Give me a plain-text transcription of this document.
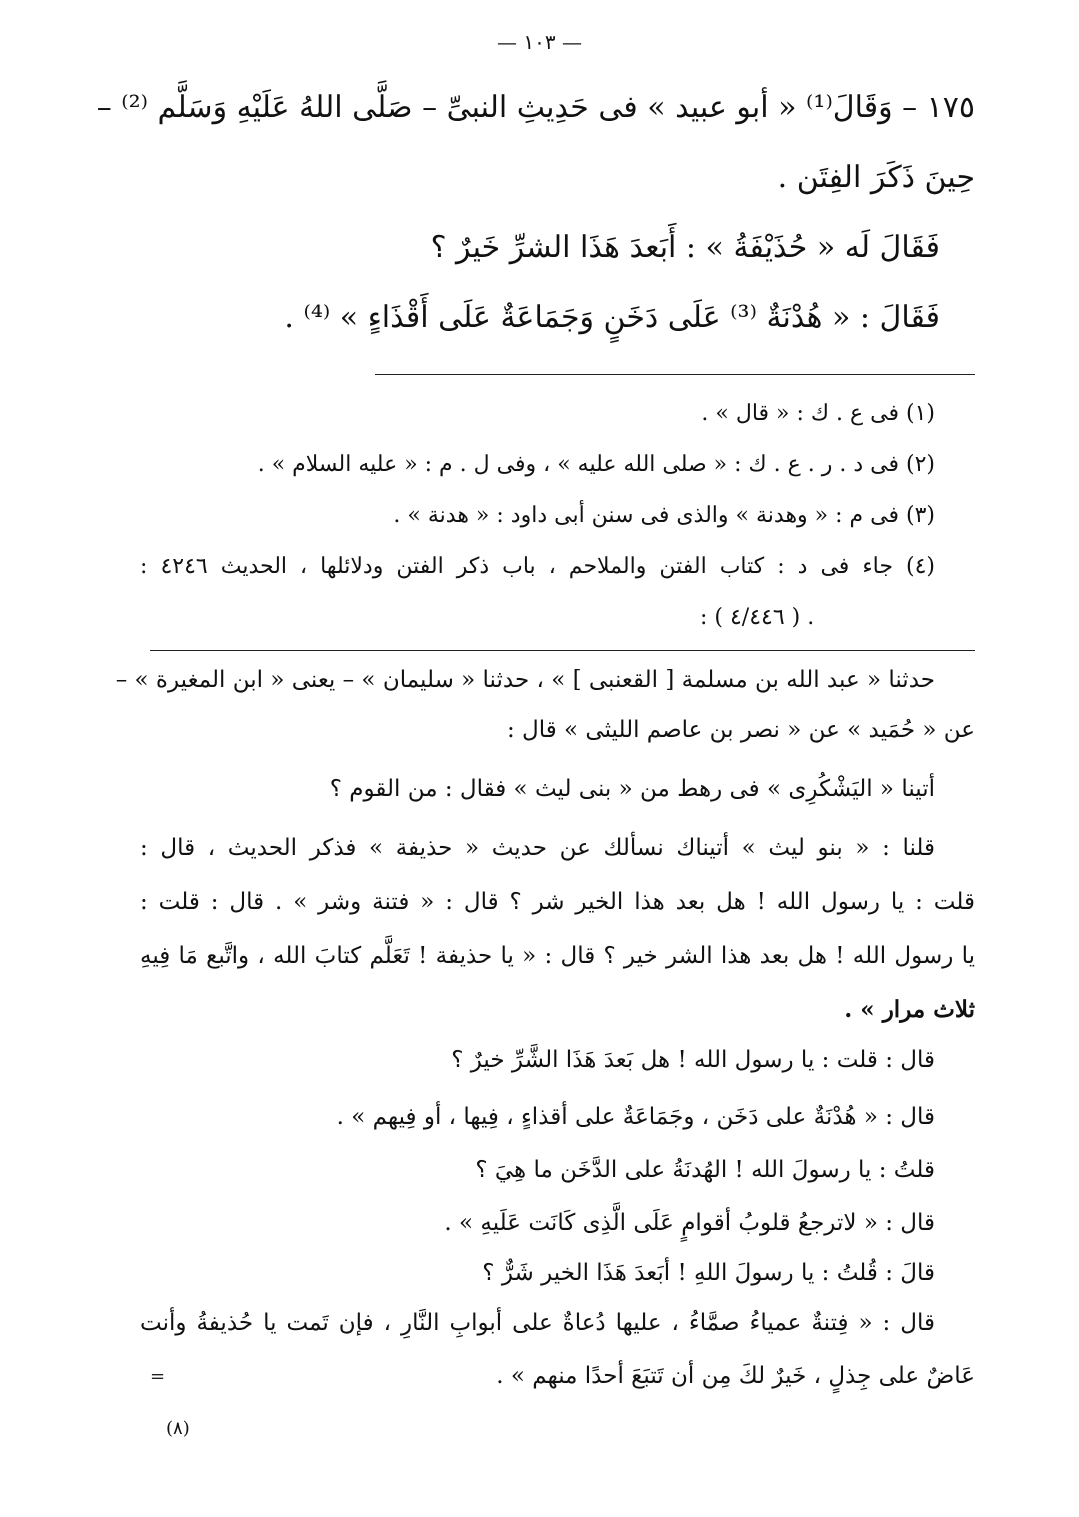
— ١٠٣ —
١٧٥ – وَقَالَ⁽¹⁾ « أبو عبيد » فى حَدِيثِ النبىِّ – صَلَّى اللهُ عَلَيْهِ وَسَلَّم ⁽²⁾ –
حِينَ ذَكَرَ الفِتَن .
فَقَالَ لَه « حُذَيْفَةُ » : أَبَعدَ هَذَا الشرِّ خَيرٌ ؟
فَقَالَ : « هُدْنَةٌ ⁽³⁾ عَلَى دَخَنٍ وَجَمَاعَةٌ عَلَى أَقْذَاءٍ » ⁽⁴⁾ .
(١) فى ع . ك : « قال » .
(٢) فى د . ر . ع . ك : « صلى الله عليه » ، وفى ل . م : « عليه السلام » .
(٣) فى م : « وهدنة » والذى فى سنن أبى داود : « هدنة » .
(٤) جاء فى د : كتاب الفتن والملاحم ، باب ذكر الفتن ودلائلها ، الحديث ٤٢٤٦ :
: ( ٤/٤٤٦ ) .
حدثنا « عبد الله بن مسلمة [ القعنبى ] » ، حدثنا « سليمان » – يعنى « ابن المغيرة » –
عن « حُمَيد » عن « نصر بن عاصم الليثى » قال :
أتينا « اليَشْكُرِى » فى رهط من « بنى ليث » فقال : من القوم ؟
قلنا : « بنو ليث » أتيناك نسألك عن حديث « حذيفة » فذكر الحديث ، قال :
قلت : يا رسول الله ! هل بعد هذا الخير شر ؟ قال : « فتنة وشر » . قال : قلت :
يا رسول الله ! هل بعد هذا الشر خير ؟ قال : « يا حذيفة ! تَعَلَّم كتابَ الله ، واتَّبع مَا فِيهِ
ثلاث مرار » .
قال : قلت : يا رسول الله ! هل بَعدَ هَذَا الشَّرِّ خيرٌ ؟
قال : « هُدْنَةٌ على دَخَن ، وجَمَاعَةٌ على أقذاءٍ ، فِيها ، أو فِيهم » .
قلتُ : يا رسولَ الله ! الهُدنَةُ على الدَّخَن ما هِيَ ؟
قال : « لاترجعُ قلوبُ أقوامٍ عَلَى الَّذِى كَانَت عَلَيهِ » .
قالَ : قُلتُ : يا رسولَ اللهِ ! أبَعدَ هَذَا الخير شَرٌّ ؟
قال : « فِتنةٌ عمياءُ صمَّاءُ ، عليها دُعاةٌ على أبوابِ النَّارِ ، فإن تَمت يا حُذيفةُ وأنت
عَاضٌ على جِذلٍ ، خَيرٌ لكَ مِن أن تَتبَعَ أحدًا منهم » .
=
(٨)
